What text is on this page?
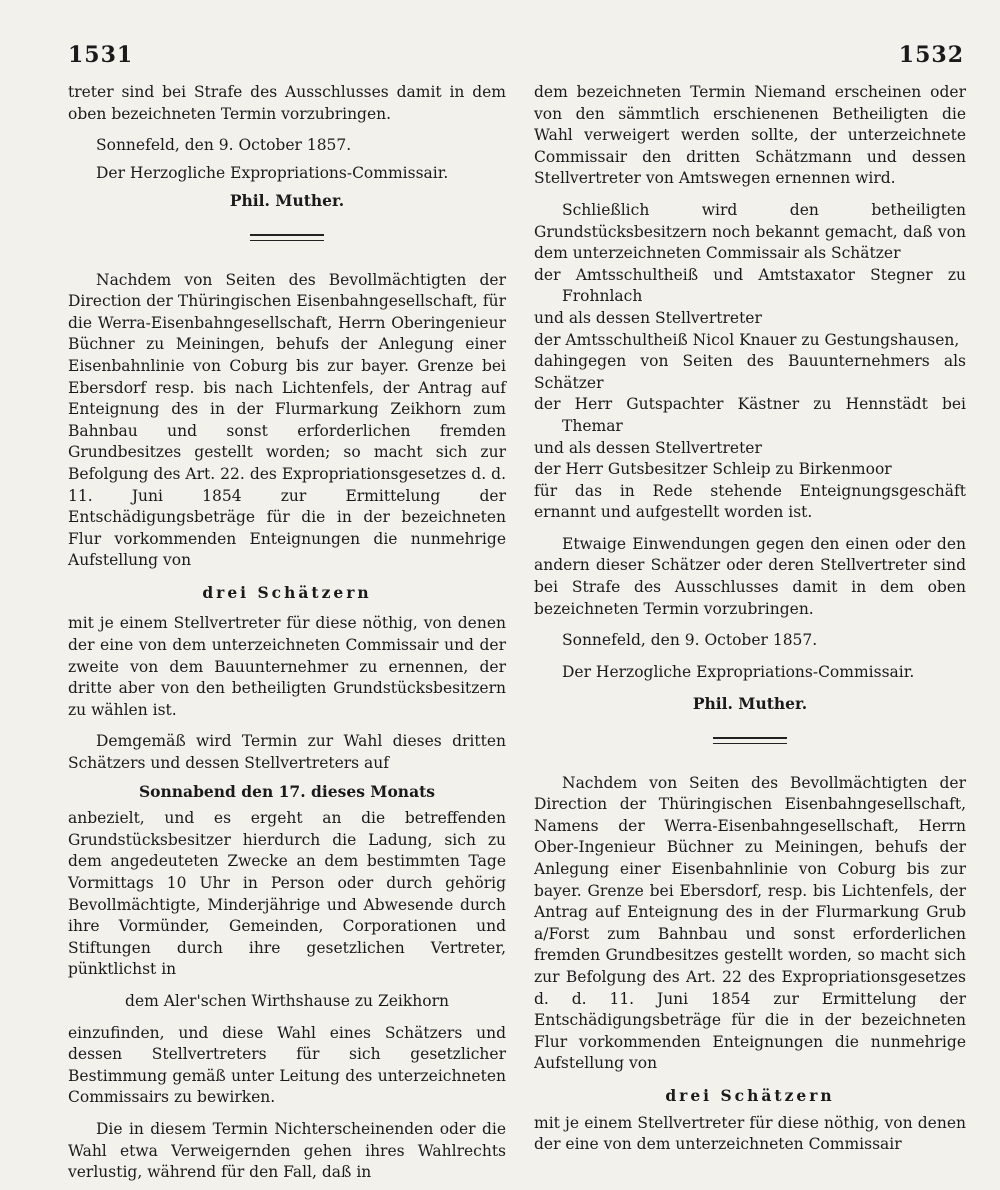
1531	1532

treter sind bei Strafe des Ausschlusses damit in dem oben bezeichneten Termin vorzubringen.

Sonnefeld, den 9. October 1857.

Der Herzogliche Expropriations-Commissair.

Phil. Muther.

Nachdem von Seiten des Bevollmächtigten der Direction der Thüringischen Eisenbahngesellschaft, für die Werra-Eisenbahngesellschaft, Herrn Oberingenieur Büchner zu Meiningen, behufs der Anlegung einer Eisenbahnlinie von Coburg bis zur bayer. Grenze bei Ebersdorf resp. bis nach Lichtenfels, der Antrag auf Enteignung des in der Flurmarkung Zeikhorn zum Bahnbau und sonst erforderlichen fremden Grundbesitzes gestellt worden; so macht sich zur Befolgung des Art. 22. des Expropriationsgesetzes d. d. 11. Juni 1854 zur Ermittelung der Entschädigungsbeträge für die in der bezeichneten Flur vorkommenden Enteignungen die nunmehrige Aufstellung von

drei Schätzern

mit je einem Stellvertreter für diese nöthig, von denen der eine von dem unterzeichneten Commissair und der zweite von dem Bauunternehmer zu ernennen, der dritte aber von den betheiligten Grundstücksbesitzern zu wählen ist.

Demgemäß wird Termin zur Wahl dieses dritten Schätzers und dessen Stellvertreters auf

Sonnabend den 17. dieses Monats

anbezielt, und es ergeht an die betreffenden Grundstücksbesitzer hierdurch die Ladung, sich zu dem angedeuteten Zwecke an dem bestimmten Tage Vormittags 10 Uhr in Person oder durch gehörig Bevollmächtigte, Minderjährige und Abwesende durch ihre Vormünder, Gemeinden, Corporationen und Stiftungen durch ihre gesetzlichen Vertreter, pünktlichst in

dem Aler'schen Wirthshause zu Zeikhorn

einzufinden, und diese Wahl eines Schätzers und dessen Stellvertreters für sich gesetzlicher Bestimmung gemäß unter Leitung des unterzeichneten Commissairs zu bewirken.

Die in diesem Termin Nichterscheinenden oder die Wahl etwa Verweigernden gehen ihres Wahlrechts verlustig, während für den Fall, daß in

dem bezeichneten Termin Niemand erscheinen oder von den sämmtlich erschienenen Betheiligten die Wahl verweigert werden sollte, der unterzeichnete Commissair den dritten Schätzmann und dessen Stellvertreter von Amtswegen ernennen wird.

Schließlich wird den betheiligten Grundstücksbesitzern noch bekannt gemacht, daß von dem unterzeichneten Commissair als Schätzer

der Amtsschultheiß und Amtstaxator Stegner zu Frohnlach

und als dessen Stellvertreter

der Amtsschultheiß Nicol Knauer zu Gestungshausen,

dahingegen von Seiten des Bauunternehmers als Schätzer

der Herr Gutspachter Kästner zu Hennstädt bei Themar

und als dessen Stellvertreter

der Herr Gutsbesitzer Schleip zu Birkenmoor

für das in Rede stehende Enteignungsgeschäft ernannt und aufgestellt worden ist.

Etwaige Einwendungen gegen den einen oder den andern dieser Schätzer oder deren Stellvertreter sind bei Strafe des Ausschlusses damit in dem oben bezeichneten Termin vorzubringen.

Sonnefeld, den 9. October 1857.

Der Herzogliche Expropriations-Commissair.

Phil. Muther.

Nachdem von Seiten des Bevollmächtigten der Direction der Thüringischen Eisenbahngesellschaft, Namens der Werra-Eisenbahngesellschaft, Herrn Ober-Ingenieur Büchner zu Meiningen, behufs der Anlegung einer Eisenbahnlinie von Coburg bis zur bayer. Grenze bei Ebersdorf, resp. bis Lichtenfels, der Antrag auf Enteignung des in der Flurmarkung Grub a/Forst zum Bahnbau und sonst erforderlichen fremden Grundbesitzes gestellt worden, so macht sich zur Befolgung des Art. 22 des Expropriationsgesetzes d. d. 11. Juni 1854 zur Ermittelung der Entschädigungsbeträge für die in der bezeichneten Flur vorkommenden Enteignungen die nunmehrige Aufstellung von

drei Schätzern

mit je einem Stellvertreter für diese nöthig, von denen der eine von dem unterzeichneten Commissair
